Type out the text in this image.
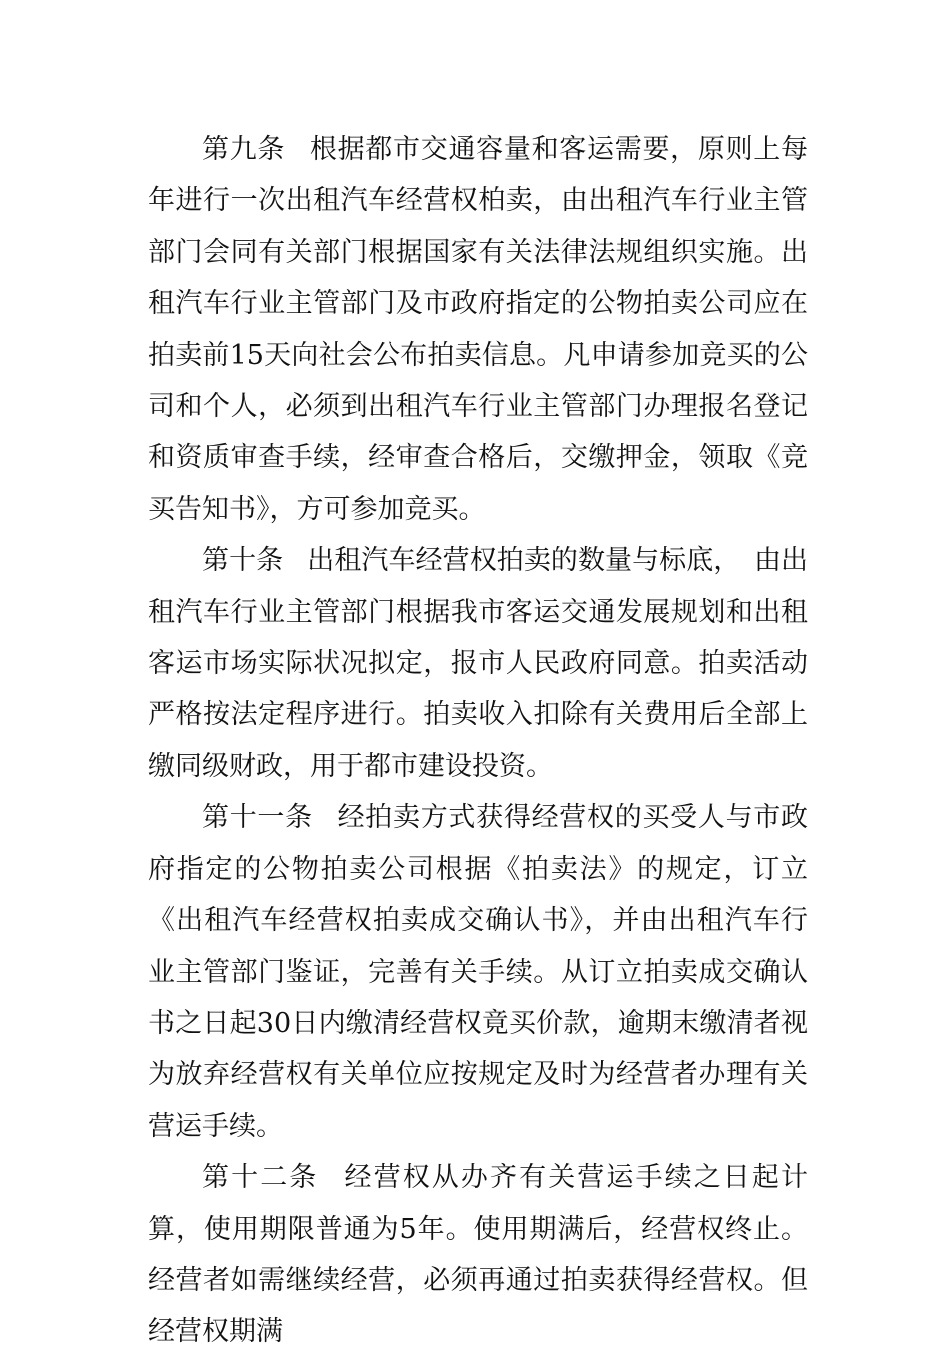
第九条 根据都市交通容量和客运需要，原则上每年进行一次出租汽车经营权柏卖，由出租汽车行业主管部门会同有关部门根据国家有关法律法规组织实施。出租汽车行业主管部门及市政府指定的公物拍卖公司应在拍卖前15天向社会公布拍卖信息。凡申请参加竞买的公司和个人，必须到出租汽车行业主管部门办理报名登记和资质审查手续，经审查合格后，交缴押金，领取《竞买告知书》，方可参加竞买。

第十条 出租汽车经营权拍卖的数量与标底，　由出租汽车行业主管部门根据我市客运交通发展规划和出租客运市场实际状况拟定，报市人民政府同意。拍卖活动严格按法定程序进行。拍卖收入扣除有关费用后全部上缴同级财政，用于都市建设投资。

第十一条 经拍卖方式获得经营权的买受人与市政府指定的公物拍卖公司根据《拍卖法》的规定，订立《出租汽车经营权拍卖成交确认书》，并由出租汽车行业主管部门鉴证，完善有关手续。从订立拍卖成交确认书之日起30日内缴清经营权竟买价款，逾期末缴清者视为放弃经营权有关单位应按规定及时为经营者办理有关营运手续。

第十二条 经营权从办齐有关营运手续之日起计算，使用期限普通为5年。使用期满后，经营权终止。经营者如需继续经营，必须再通过拍卖获得经营权。但经营权期满
